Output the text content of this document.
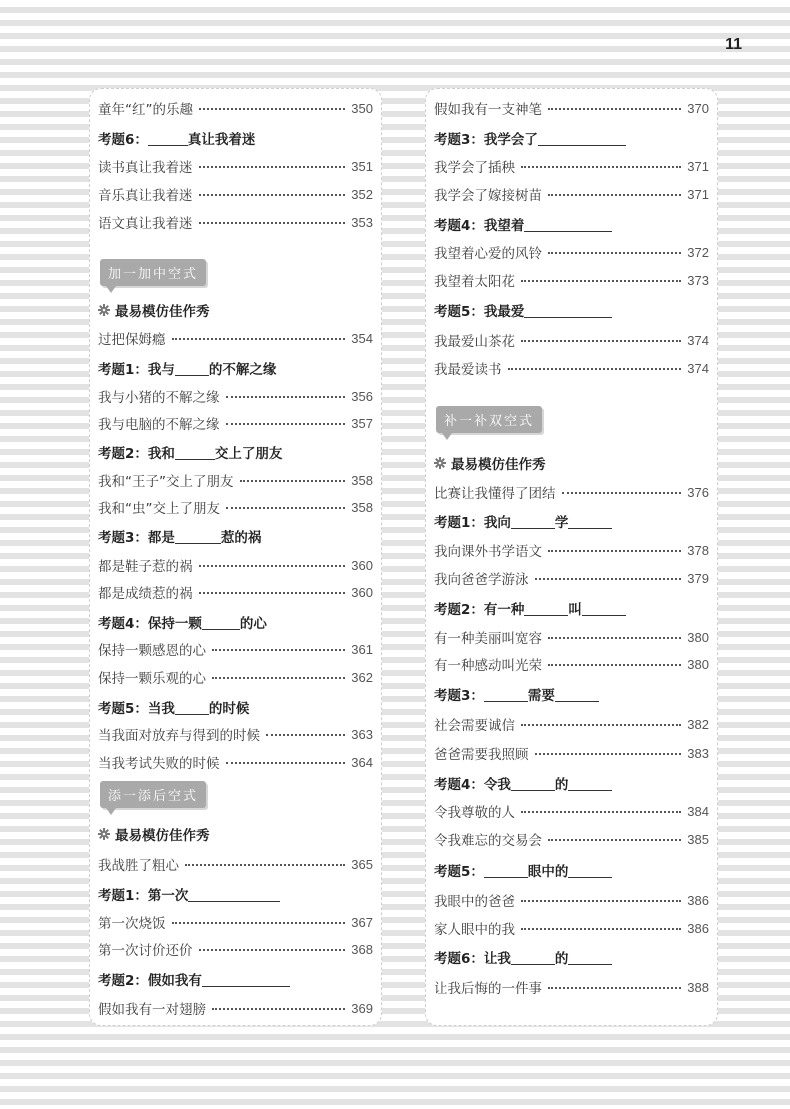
11
童年“红”的乐趣	350
考题6：	真让我着迷
读书真让我着迷	351
音乐真让我着迷	352
语文真让我着迷	353
加一加中空式
最易模仿佳作秀
过把保姆瘾	354
考题1：我与	的不解之缘
我与小猪的不解之缘	356
我与电脑的不解之缘	357
考题2：我和	交上了朋友
我和“王子”交上了朋友	358
我和“虫”交上了朋友	358
考题3：都是	惹的祸
都是鞋子惹的祸	360
都是成绩惹的祸	360
考题4：保持一颗	的心
保持一颗感恩的心	361
保持一颗乐观的心	362
考题5：当我	的时候
当我面对放弃与得到的时候	363
当我考试失败的时候	364
添一添后空式
最易模仿佳作秀
我战胜了粗心	365
考题1：第一次
第一次烧饭	367
第一次讨价还价	368
考题2：假如我有
假如我有一对翅膀	369
假如我有一支神笔	370
考题3：我学会了
我学会了插秧	371
我学会了嫁接树苗	371
考题4：我望着
我望着心爱的风铃	372
我望着太阳花	373
考题5：我最爱
我最爱山茶花	374
我最爱读书	374
补一补双空式
最易模仿佳作秀
比赛让我懂得了团结	376
考题1：我向	学
我向课外书学语文	378
我向爸爸学游泳	379
考题2：有一种	叫
有一种美丽叫宽容	380
有一种感动叫光荣	380
考题3：	需要
社会需要诚信	382
爸爸需要我照顾	383
考题4：令我	的
令我尊敬的人	384
令我难忘的交易会	385
考题5：	眼中的
我眼中的爸爸	386
家人眼中的我	386
考题6：让我	的
让我后悔的一件事	388
